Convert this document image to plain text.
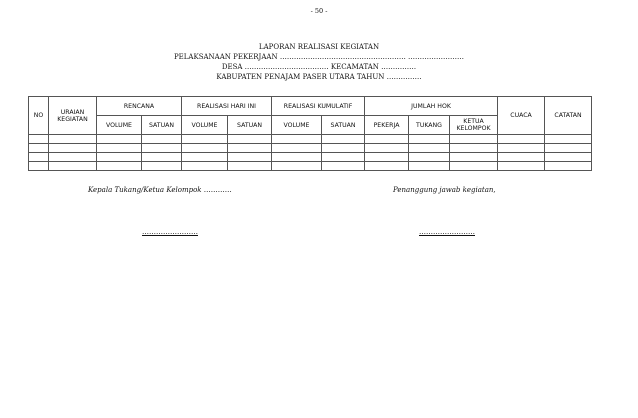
- 50 -
LAPORAN REALISASI KEGIATAN
PELAKSANAAN PEKERJAAN ……………………………………………… ……………………
DESA ……………………………… KECAMATAN ……………
KABUPATEN PENAJAM PASER UTARA TAHUN ……………
NO	URAIAN KEGIATAN	RENCANA		REALISASI HARI INI		REALISASI KUMULATIF		JUMLAH HOK			CUACA	CATATAN
		VOLUME	SATUAN	VOLUME	SATUAN	VOLUME	SATUAN	PEKERJA	TUKANG	KETUA KELOMPOK		

Kepala Tukang/Ketua Kelompok …………	Penanggung jawab kegiatan,
……………………	……………………
